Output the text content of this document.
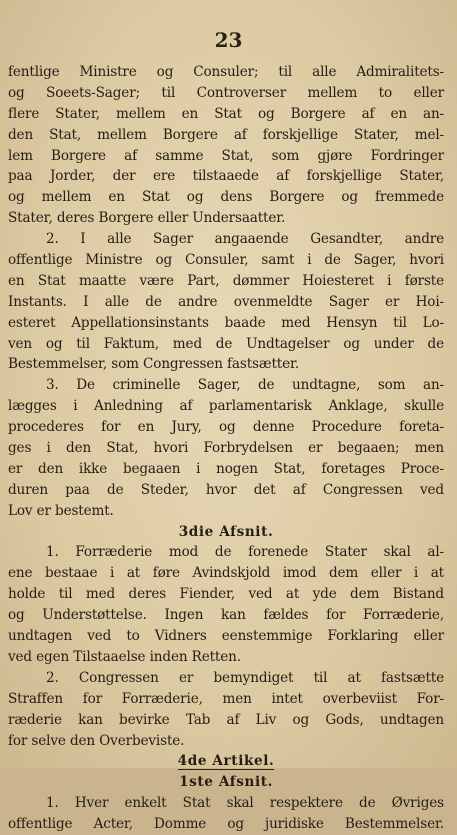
23
fentlige Ministre og Consuler; til alle Admiralitets-
og Soeets-Sager; til Controverser mellem to eller
flere Stater, mellem en Stat og Borgere af en an-
den Stat, mellem Borgere af forskjellige Stater, mel-
lem Borgere af samme Stat, som gjøre Fordringer
paa Jorder, der ere tilstaaede af forskjellige Stater,
og mellem en Stat og dens Borgere og fremmede
Stater, deres Borgere eller Undersaatter.
2. I alle Sager angaaende Gesandter, andre
offentlige Ministre og Consuler, samt i de Sager, hvori
en Stat maatte være Part, dømmer Hoiesteret i første
Instants. I alle de andre ovenmeldte Sager er Hoi-
esteret Appellationsinstants baade med Hensyn til Lo-
ven og til Faktum, med de Undtagelser og under de
Bestemmelser, som Congressen fastsætter.
3. De criminelle Sager, de undtagne, som an-
lægges i Anledning af parlamentarisk Anklage, skulle
procederes for en Jury, og denne Procedure foreta-
ges i den Stat, hvori Forbrydelsen er begaaen; men
er den ikke begaaen i nogen Stat, foretages Proce-
duren paa de Steder, hvor det af Congressen ved
Lov er bestemt.
3die Afsnit.
1. Forræderie mod de forenede Stater skal al-
ene bestaae i at føre Avindskjold imod dem eller i at
holde til med deres Fiender, ved at yde dem Bistand
og Understøttelse. Ingen kan fældes for Forræderie,
undtagen ved to Vidners eenstemmige Forklaring eller
ved egen Tilstaaelse inden Retten.
2. Congressen er bemyndiget til at fastsætte
Straffen for Forræderie, men intet overbeviist For-
ræderie kan bevirke Tab af Liv og Gods, undtagen
for selve den Overbeviste.
4de Artikel.
1ste Afsnit.
1. Hver enkelt Stat skal respektere de Øvriges
offentlige Acter, Domme og juridiske Bestemmelser.
